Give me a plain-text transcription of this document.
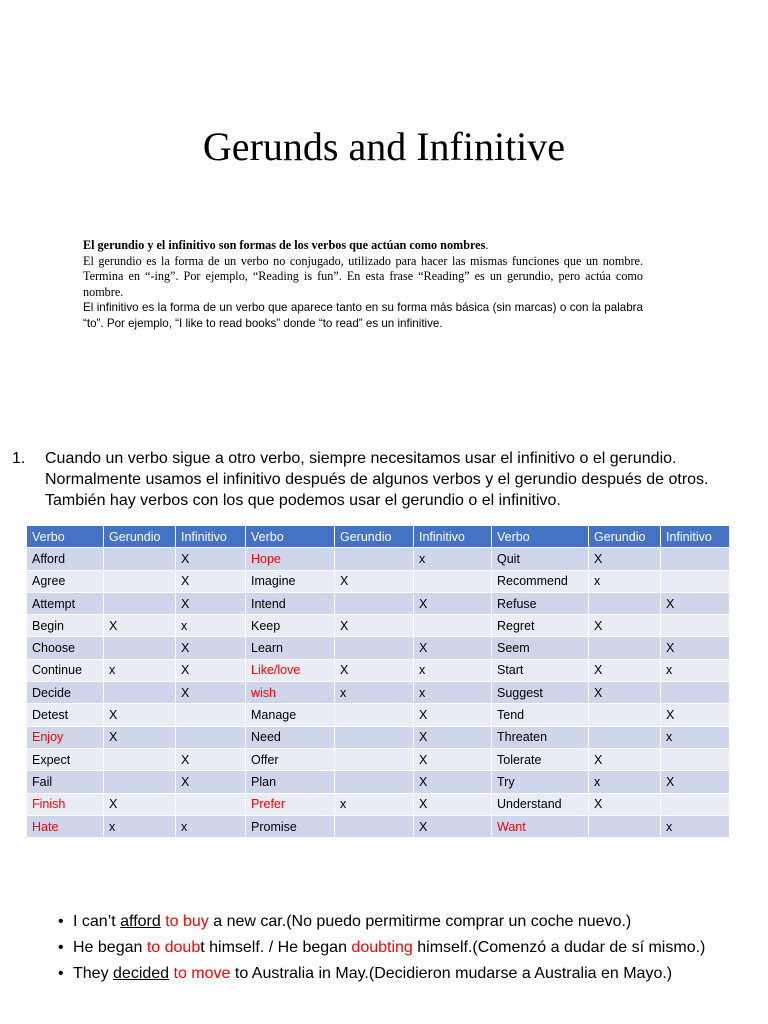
Gerunds and Infinitive

El gerundio y el infinitivo son formas de los verbos que actúan como nombres.

El gerundio es la forma de un verbo no conjugado, utilizado para hacer las mismas funciones que un nombre. Termina en “-ing”. Por ejemplo, “Reading is fun”. En esta frase “Reading” es un gerundio, pero actúa como nombre.

El infinitivo es la forma de un verbo que aparece tanto en su forma más básica (sin marcas) o con la palabra “to”. Por ejemplo, “I like to read books” donde “to read” es un infinitive.

1. Cuando un verbo sigue a otro verbo, siempre necesitamos usar el infinitivo o el gerundio. Normalmente usamos el infinitivo después de algunos verbos y el gerundio después de otros. También hay verbos con los que podemos usar el gerundio o el infinitivo.
Verbo	Gerundio	Infinitivo	Verbo	Gerundio	Infinitivo	Verbo	Gerundio	Infinitivo
Afford		X	Hope		x	Quit	X	
Agree		X	Imagine	X		Recommend	x	
Attempt		X	Intend		X	Refuse		X
Begin	X	x	Keep	X		Regret	X	
Choose		X	Learn		X	Seem		X
Continue	x	X	Like/love	X	x	Start	X	x
Decide		X	wish	x	x	Suggest	X	
Detest	X		Manage		X	Tend		X
Enjoy	X		Need		X	Threaten		x
Expect		X	Offer		X	Tolerate	X	
Fail		X	Plan		X	Try	x	X
Finish	X		Prefer	x	X	Understand	X	
Hate	x	x	Promise		X	Want		x
• I can’t afford to buy a new car.(No puedo permitirme comprar un coche nuevo.)
• He began to doubt himself. / He began doubting himself.(Comenzó a dudar de sí mismo.)
• They decided to move to Australia in May.(Decidieron mudarse a Australia en Mayo.)
